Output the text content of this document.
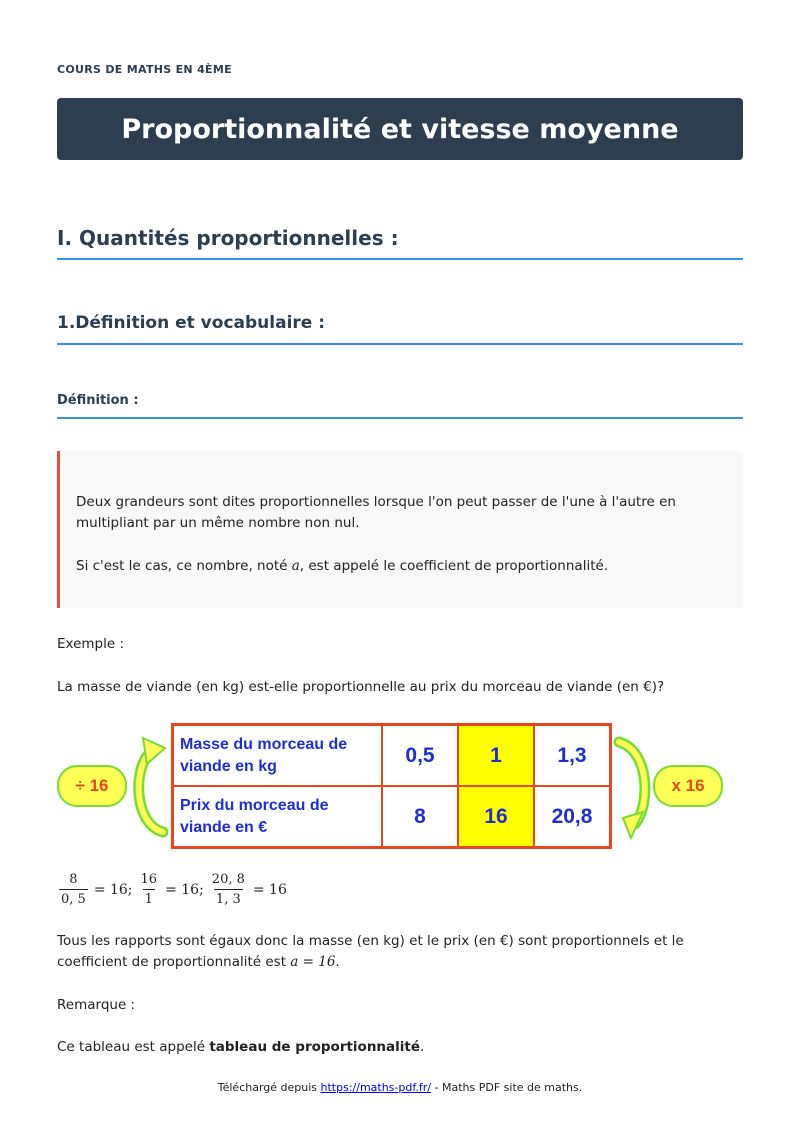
COURS DE MATHS EN 4ÈME
Proportionnalité et vitesse moyenne
I. Quantités proportionnelles :
1.Définition et vocabulaire :
Définition :

Deux grandeurs sont dites proportionnelles lorsque l'on peut passer de l'une à l'autre en multipliant par un même nombre non nul.

Si c'est le cas, ce nombre, noté a, est appelé le coefficient de proportionnalité.

Exemple :
La masse de viande (en kg) est-elle proportionnelle au prix du morceau de viande (en €)?
÷ 16
Masse du morceau de viande en kg	0,5	1	1,3
Prix du morceau de viande en €	8	16	20,8
x 16
$\frac{8}{0, 5} = 16$; $\frac{16}{1} = 16$; $\frac{20, 8}{1, 3} = 16$
Tous les rapports sont égaux donc la masse (en kg) et le prix (en €) sont proportionnels et le coefficient de proportionnalité est a = 16.
Remarque :
Ce tableau est appelé tableau de proportionnalité.
Téléchargé depuis https://maths-pdf.fr/ - Maths PDF site de maths.
